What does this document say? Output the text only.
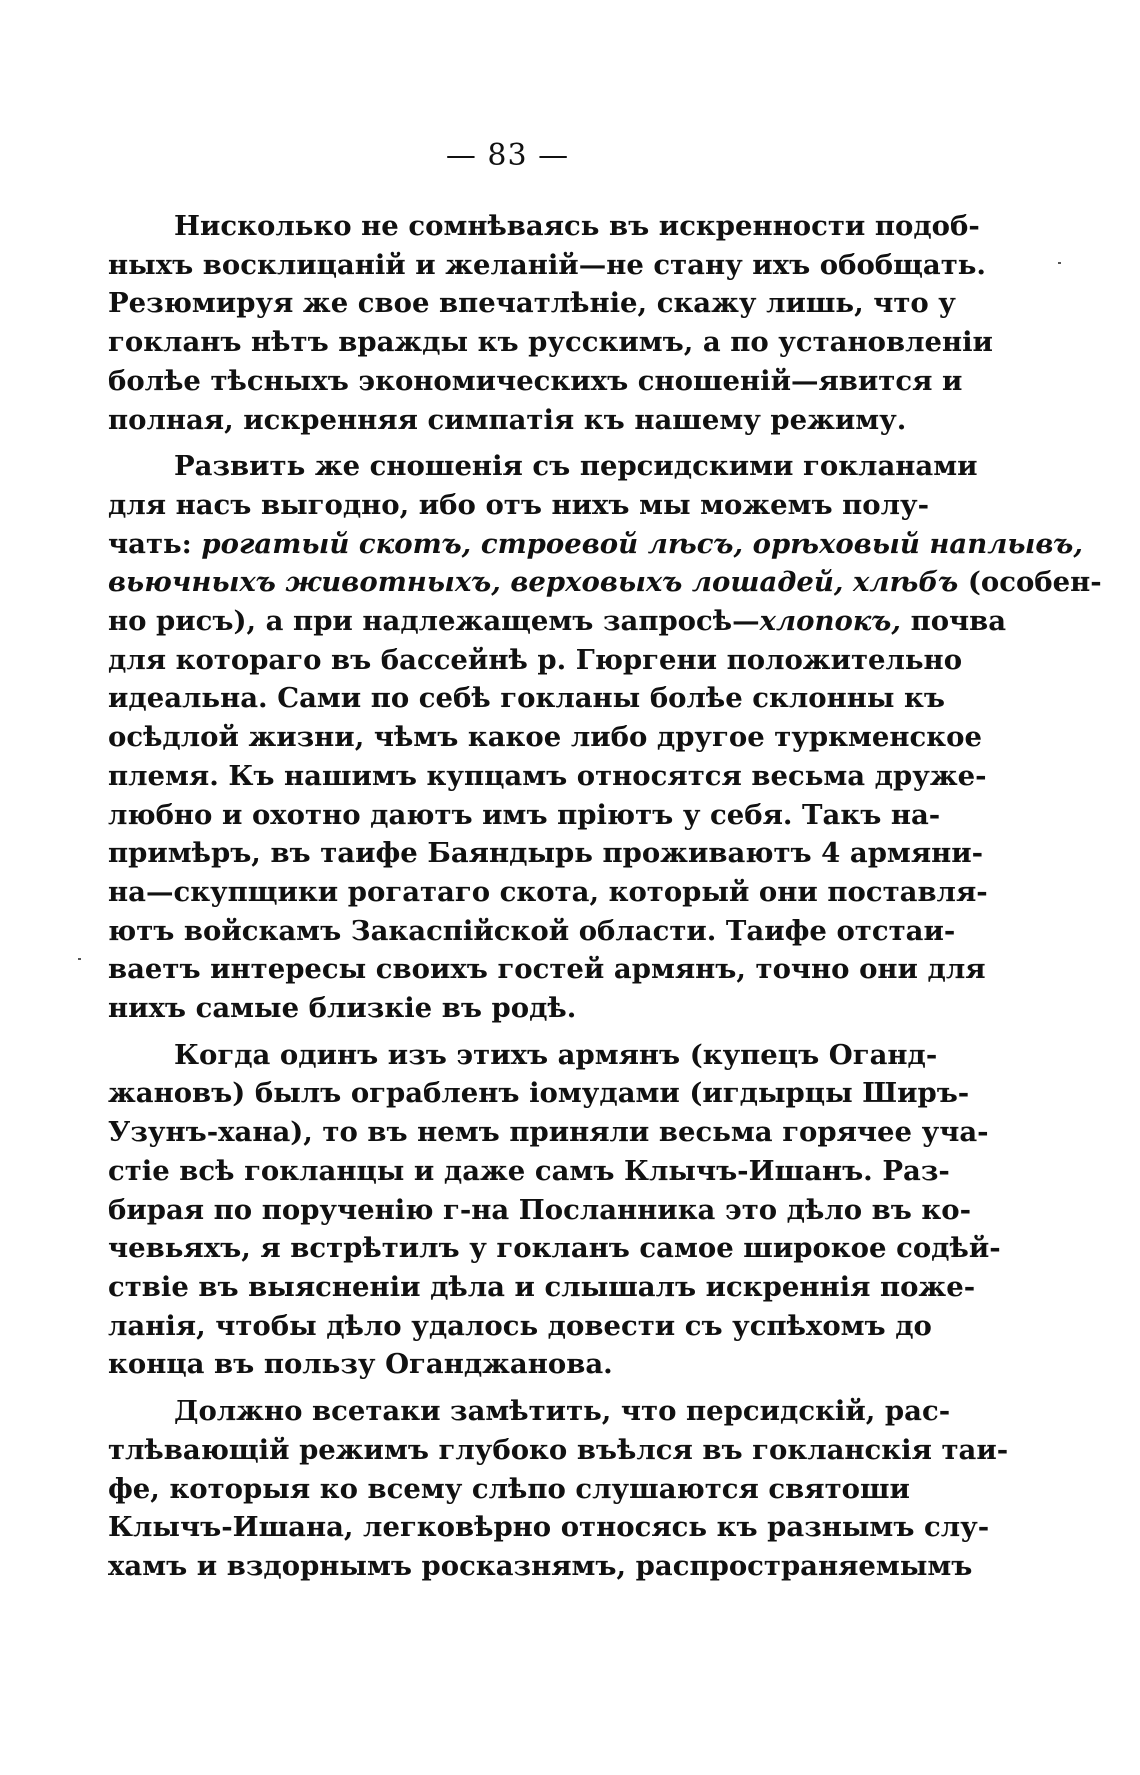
— 83 —
Нисколько не сомнѣваясь въ искренности подоб-
ныхъ восклицаній и желаній—не стану ихъ обобщать.
Резюмируя же свое впечатлѣніе, скажу лишь, что у
гокланъ нѣтъ вражды къ русскимъ, а по установленіи
болѣе тѣсныхъ экономическихъ сношеній—явится и
полная, искренняя симпатія къ нашему режиму.
Развить же сношенія съ персидскими гокланами
для насъ выгодно, ибо отъ нихъ мы можемъ полу-
чать: рогатый скотъ, строевой лѣсъ, орѣховый наплывъ,
вьючныхъ животныхъ, верховыхъ лошадей, хлѣбъ (особен-
но рисъ), а при надлежащемъ запросѣ—хлопокъ, почва
для котораго въ бассейнѣ р. Гюргени положительно
идеальна. Сами по себѣ гокланы болѣе склонны къ
осѣдлой жизни, чѣмъ какое либо другое туркменское
племя. Къ нашимъ купцамъ относятся весьма друже-
любно и охотно даютъ имъ пріютъ у себя. Такъ на-
примѣръ, въ таифе Баяндырь проживаютъ 4 армяни-
на—скупщики рогатаго скота, который они поставля-
ютъ войскамъ Закаспійской области. Таифе отстаи-
ваетъ интересы своихъ гостей армянъ, точно они для
нихъ самые близкіе въ родѣ.
Когда одинъ изъ этихъ армянъ (купецъ Оганд-
жановъ) былъ ограбленъ іомудами (игдырцы Ширъ-
Узунъ-хана), то въ немъ приняли весьма горячее уча-
стіе всѣ гокланцы и даже самъ Клычъ-Ишанъ. Раз-
бирая по порученію г-на Посланника это дѣло въ ко-
чевьяхъ, я встрѣтилъ у гокланъ самое широкое содѣй-
ствіе въ выясненіи дѣла и слышалъ искреннія поже-
ланія, чтобы дѣло удалось довести съ успѣхомъ до
конца въ пользу Оганджанова.
Должно всетаки замѣтить, что персидскій, рас-
тлѣвающій режимъ глубоко въѣлся въ гокланскія таи-
фе, которыя ко всему слѣпо слушаются святоши
Клычъ-Ишана, легковѣрно относясь къ разнымъ слу-
хамъ и вздорнымъ росказнямъ, распространяемымъ
